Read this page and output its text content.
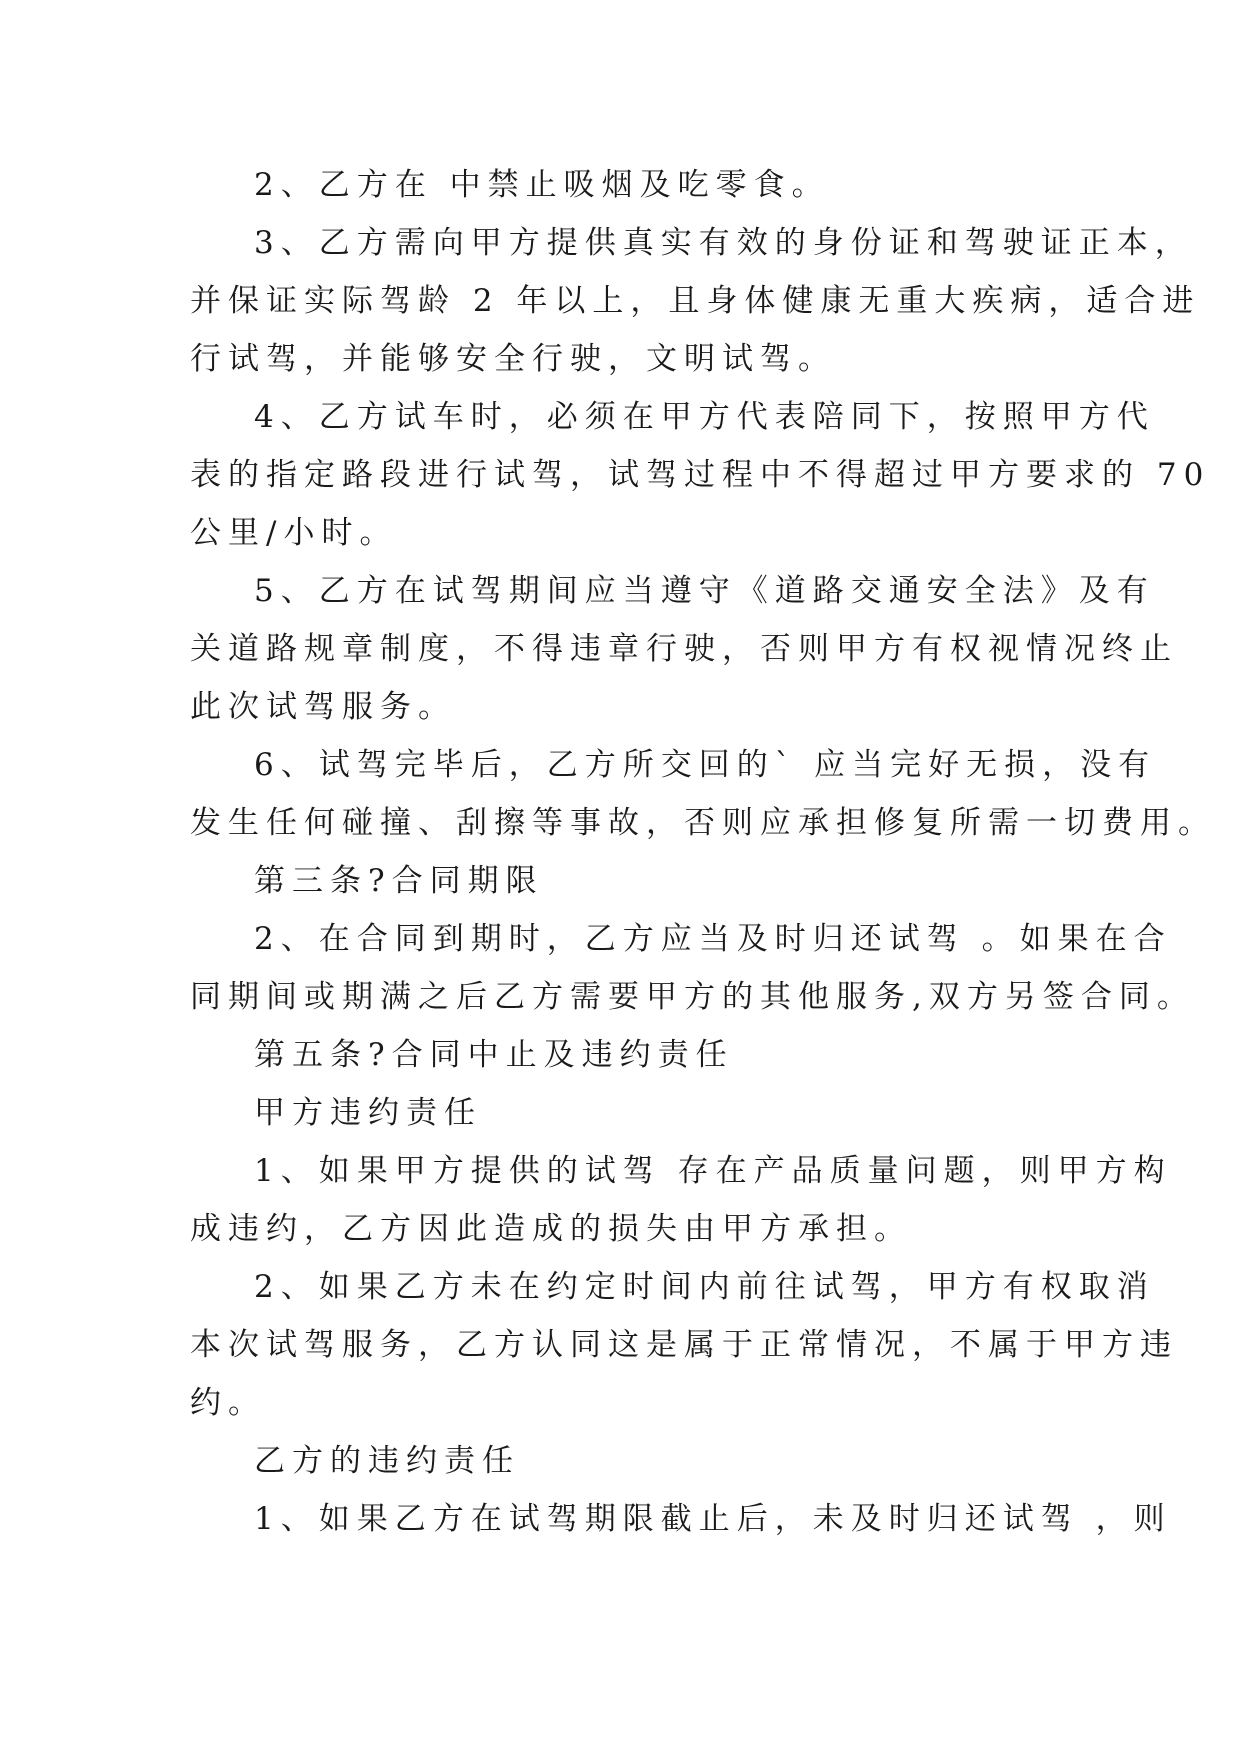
2、乙方在 中禁止吸烟及吃零食。

3、乙方需向甲方提供真实有效的身份证和驾驶证正本，

并保证实际驾龄 2 年以上，且身体健康无重大疾病，适合进

行试驾，并能够安全行驶，文明试驾。

4、乙方试车时，必须在甲方代表陪同下，按照甲方代

表的指定路段进行试驾，试驾过程中不得超过甲方要求的 70

公里/小时。

5、乙方在试驾期间应当遵守《道路交通安全法》及有

关道路规章制度，不得违章行驶，否则甲方有权视情况终止

此次试驾服务。

6、试驾完毕后，乙方所交回的` 应当完好无损，没有

发生任何碰撞、刮擦等事故，否则应承担修复所需一切费用。

第三条?合同期限

2、在合同到期时，乙方应当及时归还试驾 。如果在合

同期间或期满之后乙方需要甲方的其他服务,双方另签合同。

第五条?合同中止及违约责任

甲方违约责任

1、如果甲方提供的试驾 存在产品质量问题，则甲方构

成违约，乙方因此造成的损失由甲方承担。

2、如果乙方未在约定时间内前往试驾，甲方有权取消

本次试驾服务，乙方认同这是属于正常情况，不属于甲方违

约。

乙方的违约责任

1、如果乙方在试驾期限截止后，未及时归还试驾 ，则
